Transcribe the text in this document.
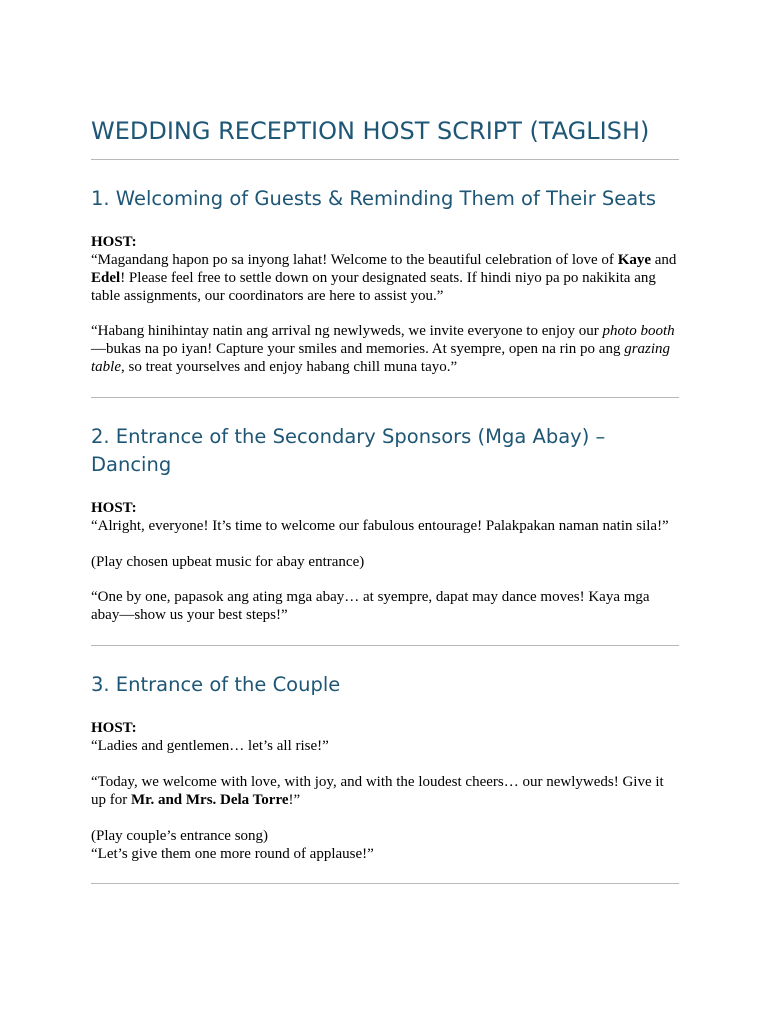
WEDDING RECEPTION HOST SCRIPT (TAGLISH)
1. Welcoming of Guests & Reminding Them of Their Seats

HOST:

“Magandang hapon po sa inyong lahat! Welcome to the beautiful celebration of love of Kaye and Edel! Please feel free to settle down on your designated seats. If hindi niyo pa po nakikita ang table assignments, our coordinators are here to assist you.”

“Habang hinihintay natin ang arrival ng newlyweds, we invite everyone to enjoy our photo booth—bukas na po iyan! Capture your smiles and memories. At syempre, open na rin po ang grazing table, so treat yourselves and enjoy habang chill muna tayo.”

2. Entrance of the Secondary Sponsors (Mga Abay) – Dancing

HOST:

“Alright, everyone! It’s time to welcome our fabulous entourage! Palakpakan naman natin sila!”

(Play chosen upbeat music for abay entrance)

“One by one, papasok ang ating mga abay… at syempre, dapat may dance moves! Kaya mga abay—show us your best steps!”

3. Entrance of the Couple

HOST:

“Ladies and gentlemen… let’s all rise!”

“Today, we welcome with love, with joy, and with the loudest cheers… our newlyweds! Give it up for Mr. and Mrs. Dela Torre!”

(Play couple’s entrance song)

“Let’s give them one more round of applause!”
